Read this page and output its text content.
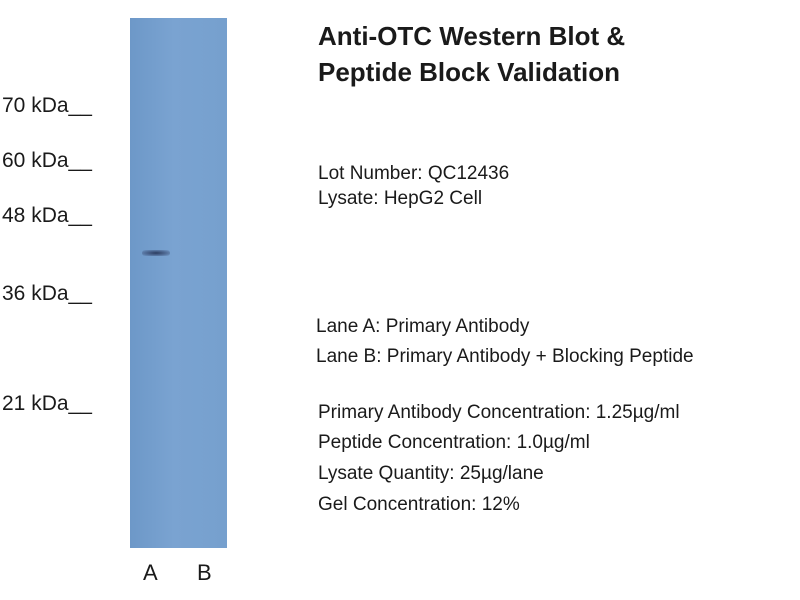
70 kDa__
60 kDa__
48 kDa__
36 kDa__
21 kDa__
A B
Anti-OTC Western Blot &
Peptide Block Validation
Lot Number: QC12436
Lysate: HepG2 Cell
Lane A: Primary Antibody
Lane B: Primary Antibody + Blocking Peptide
Primary Antibody Concentration: 1.25µg/ml
Peptide Concentration: 1.0µg/ml
Lysate Quantity: 25µg/lane
Gel Concentration: 12%
